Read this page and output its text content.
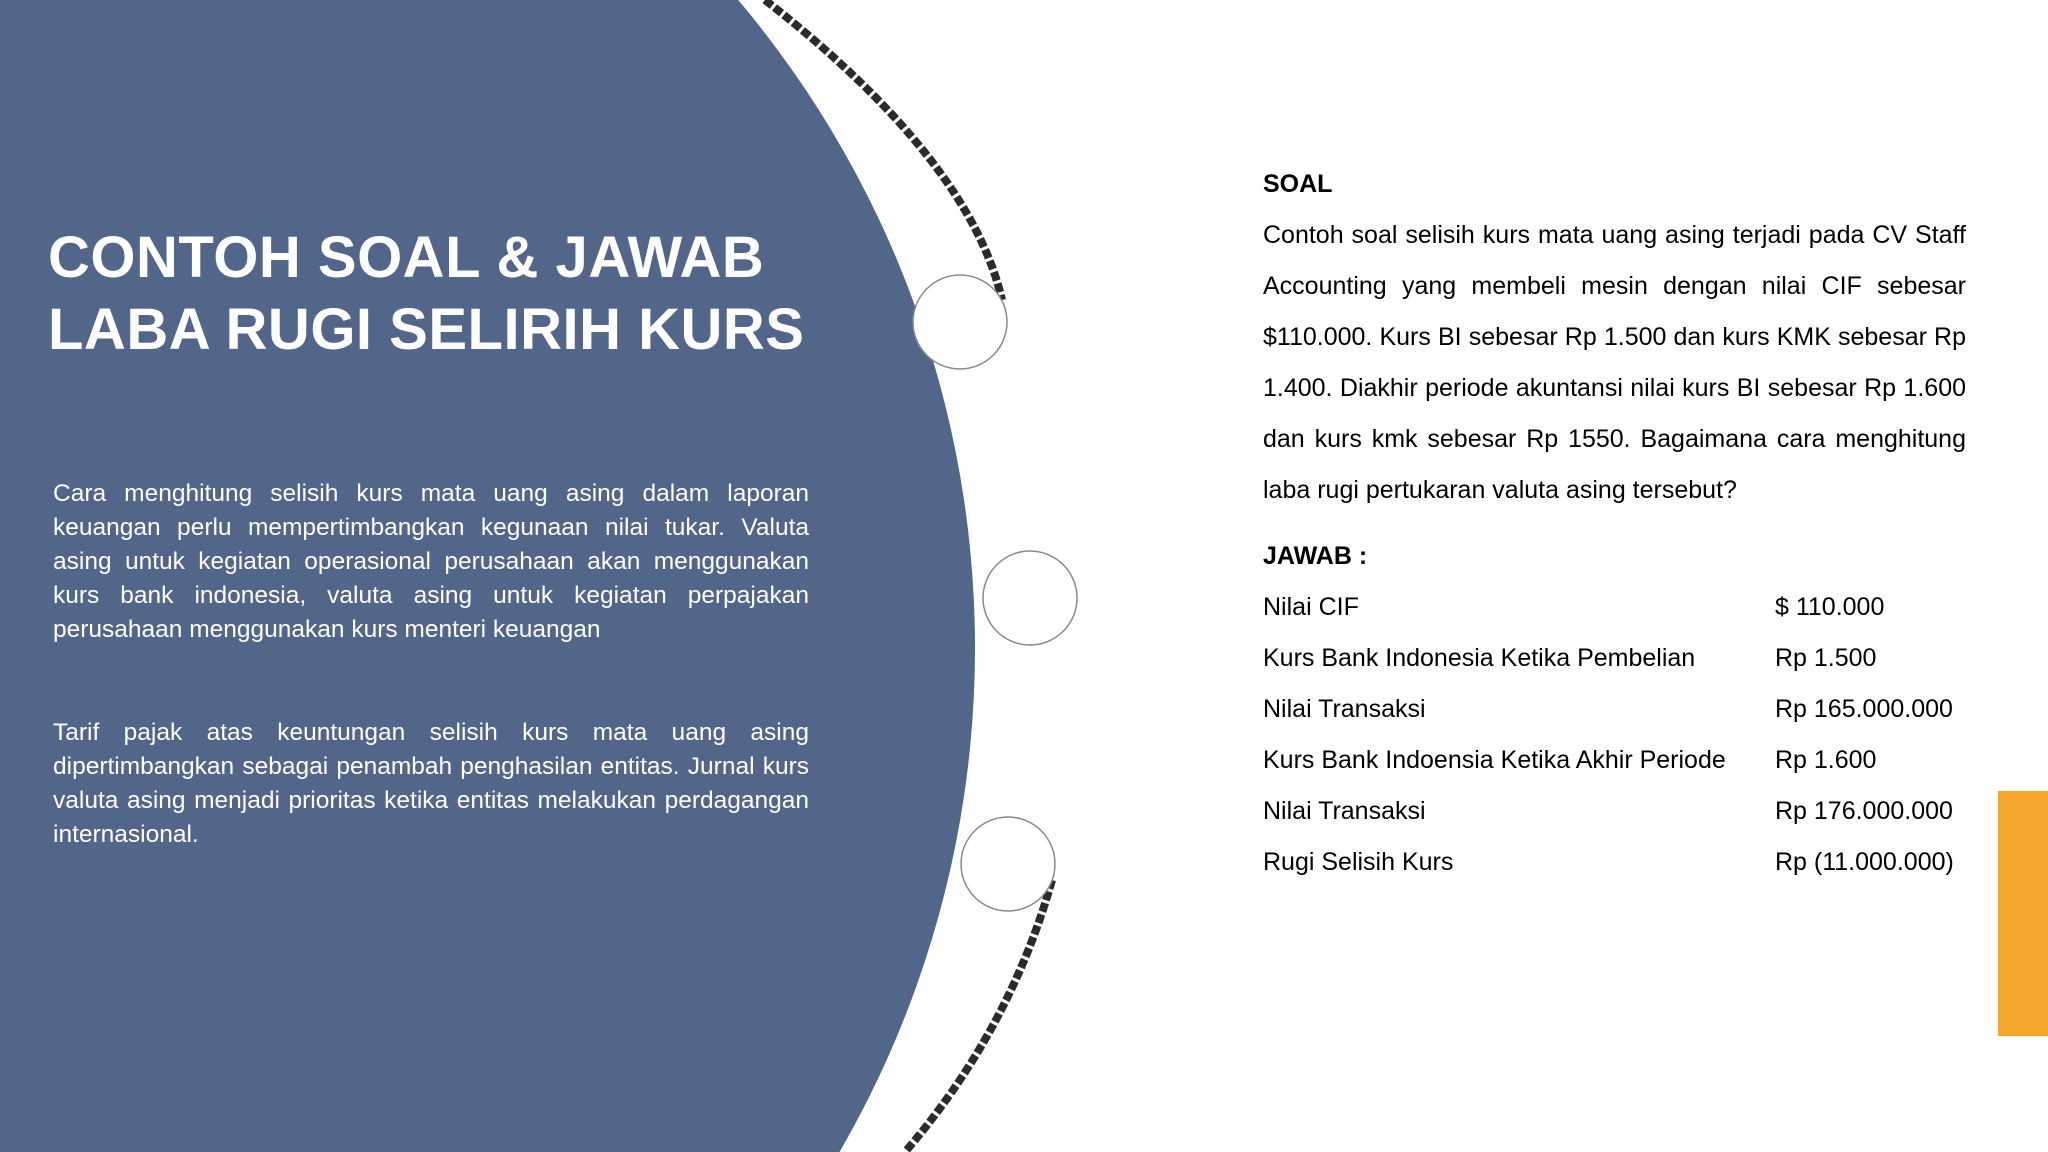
CONTOH SOAL & JAWAB
LABA RUGI SELIRIH KURS

Cara menghitung selisih kurs mata uang asing dalam laporan keuangan perlu mempertimbangkan kegunaan nilai tukar. Valuta asing untuk kegiatan operasional perusahaan akan menggunakan kurs bank indonesia, valuta asing untuk kegiatan perpajakan perusahaan menggunakan kurs menteri keuangan

Tarif pajak atas keuntungan selisih kurs mata uang asing dipertimbangkan sebagai penambah penghasilan entitas. Jurnal kurs valuta asing menjadi prioritas ketika entitas melakukan perdagangan internasional.

SOAL

Contoh soal selisih kurs mata uang asing terjadi pada CV Staff Accounting yang membeli mesin dengan nilai CIF sebesar $110.000. Kurs BI sebesar Rp 1.500 dan kurs KMK sebesar Rp 1.400. Diakhir periode akuntansi nilai kurs BI sebesar Rp 1.600 dan kurs kmk sebesar Rp 1550. Bagaimana cara menghitung laba rugi pertukaran valuta asing tersebut?

JAWAB :

Nilai CIF	$ 110.000
Kurs Bank Indonesia Ketika Pembelian	Rp 1.500
Nilai Transaksi	Rp 165.000.000
Kurs Bank Indoensia Ketika Akhir Periode	Rp 1.600
Nilai Transaksi	Rp 176.000.000
Rugi Selisih Kurs	Rp (11.000.000)
